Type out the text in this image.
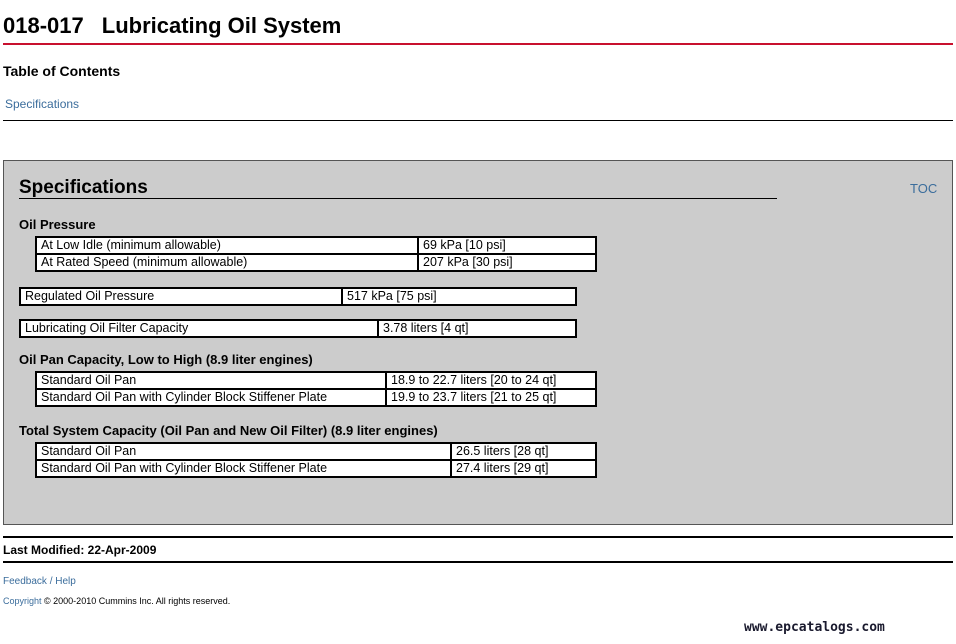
018-017 Lubricating Oil System
Table of Contents
Specifications
Specifications	TOC
Oil Pressure
At Low Idle (minimum allowable)	69 kPa [10 psi]
At Rated Speed (minimum allowable)	207 kPa [30 psi]
Regulated Oil Pressure	517 kPa [75 psi]
Lubricating Oil Filter Capacity	3.78 liters [4 qt]
Oil Pan Capacity, Low to High (8.9 liter engines)
Standard Oil Pan	18.9 to 22.7 liters [20 to 24 qt]
Standard Oil Pan with Cylinder Block Stiffener Plate	19.9 to 23.7 liters [21 to 25 qt]
Total System Capacity (Oil Pan and New Oil Filter) (8.9 liter engines)
Standard Oil Pan	26.5 liters [28 qt]
Standard Oil Pan with Cylinder Block Stiffener Plate	27.4 liters [29 qt]
Last Modified: 22-Apr-2009
Feedback / Help
Copyright © 2000-2010 Cummins Inc. All rights reserved.
www.epcatalogs.com
